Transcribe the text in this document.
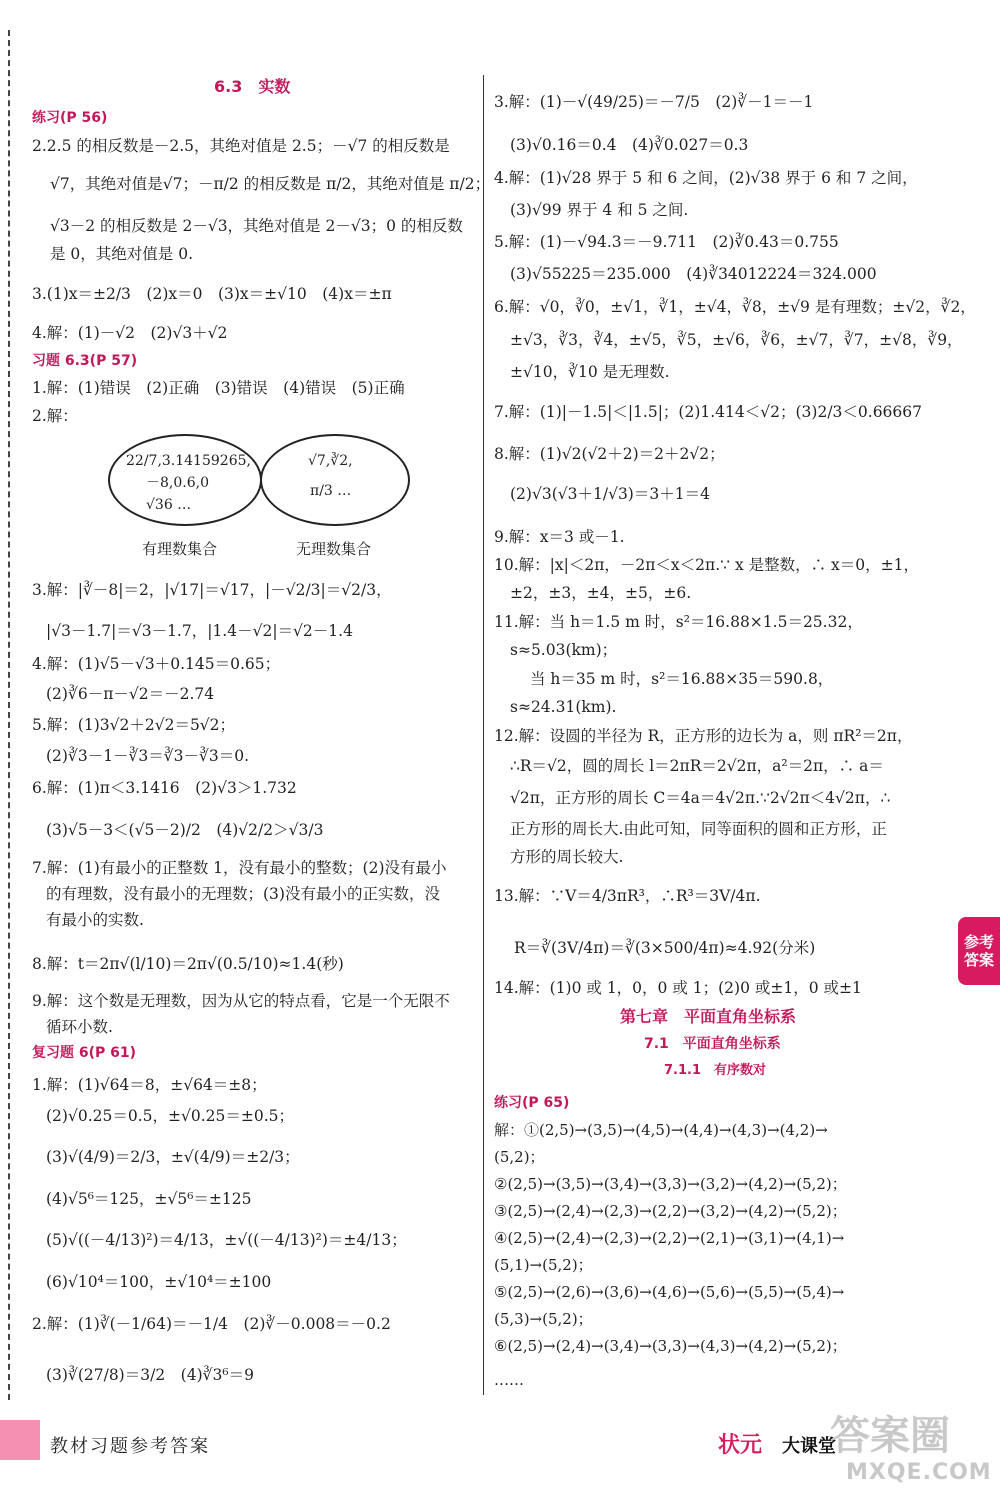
6.3　实数
练习(P 56)
2.2.5 的相反数是－2.5，其绝对值是 2.5；－√7 的相反数是
√7，其绝对值是√7；－π/2 的相反数是 π/2，其绝对值是 π/2；
√3－2 的相反数是 2－√3，其绝对值是 2－√3；0 的相反数
是 0，其绝对值是 0.
3.(1)x＝±2/3　(2)x＝0　(3)x＝±√10　(4)x＝±π
4.解：(1)－√2　(2)√3＋√2
习题 6.3(P 57)
1.解：(1)错误　(2)正确　(3)错误　(4)错误　(5)正确
2.解：
22/7,3.14159265,
－8,0.6,0
√36 …
√7,∛2,
π/3 …
有理数集合	无理数集合
3.解：|∛－8|＝2，|√17|＝√17，|－√2/3|＝√2/3，
|√3－1.7|＝√3－1.7，|1.4－√2|＝√2－1.4
4.解：(1)√5－√3＋0.145＝0.65；
(2)∛6－π－√2＝－2.74
5.解：(1)3√2＋2√2＝5√2；
(2)∛3－1－∛3＝∛3－∛3＝0.
6.解：(1)π＜3.1416　(2)√3＞1.732
(3)√5－3＜(√5－2)/2　(4)√2/2＞√3/3
7.解：(1)有最小的正整数 1，没有最小的整数；(2)没有最小
的有理数，没有最小的无理数；(3)没有最小的正实数，没
有最小的实数.
8.解：t＝2π√(l/10)＝2π√(0.5/10)≈1.4(秒)
9.解：这个数是无理数，因为从它的特点看，它是一个无限不
循环小数.
复习题 6(P 61)
1.解：(1)√64＝8，±√64＝±8；
(2)√0.25＝0.5，±√0.25＝±0.5；
(3)√(4/9)＝2/3，±√(4/9)＝±2/3；
(4)√5⁶＝125，±√5⁶＝±125
(5)√((－4/13)²)＝4/13，±√((－4/13)²)＝±4/13；
(6)√10⁴＝100，±√10⁴＝±100
2.解：(1)∛(－1/64)＝－1/4　(2)∛－0.008＝－0.2
(3)∛(27/8)＝3/2　(4)∛3⁶＝9
3.解：(1)－√(49/25)＝－7/5　(2)∛－1＝－1
(3)√0.16＝0.4　(4)∛0.027＝0.3
4.解：(1)√28 界于 5 和 6 之间，(2)√38 界于 6 和 7 之间，
(3)√99 界于 4 和 5 之间.
5.解：(1)－√94.3＝－9.711　(2)∛0.43＝0.755
(3)√55225＝235.000　(4)∛34012224＝324.000
6.解：√0，∛0，±√1，∛1，±√4，∛8，±√9 是有理数；±√2，∛2，
±√3，∛3，∛4，±√5，∛5，±√6，∛6，±√7，∛7，±√8，∛9，
±√10，∛10 是无理数.
7.解：(1)|－1.5|＜|1.5|；(2)1.414＜√2；(3)2/3＜0.66667
8.解：(1)√2(√2＋2)＝2＋2√2；
(2)√3(√3＋1/√3)＝3＋1＝4
9.解：x＝3 或－1.
10.解：|x|＜2π，－2π＜x＜2π.∵ x 是整数，∴ x＝0，±1，
±2，±3，±4，±5，±6.
11.解：当 h＝1.5 m 时，s²＝16.88×1.5＝25.32，
s≈5.03(km)；
当 h＝35 m 时，s²＝16.88×35＝590.8，
s≈24.31(km).
12.解：设圆的半径为 R，正方形的边长为 a，则 πR²＝2π，
∴R＝√2，圆的周长 l＝2πR＝2√2π，a²＝2π，∴ a＝
√2π，正方形的周长 C＝4a＝4√2π.∵2√2π＜4√2π，∴
正方形的周长大.由此可知，同等面积的圆和正方形，正
方形的周长较大.
13.解：∵V＝4/3πR³，∴R³＝3V/4π.
R＝∛(3V/4π)＝∛(3×500/4π)≈4.92(分米)
14.解：(1)0 或 1，0，0 或 1；(2)0 或±1，0 或±1
第七章　平面直角坐标系
7.1　平面直角坐标系
7.1.1　有序数对
练习(P 65)
解：①(2,5)→(3,5)→(4,5)→(4,4)→(4,3)→(4,2)→
(5,2)；
②(2,5)→(3,5)→(3,4)→(3,3)→(3,2)→(4,2)→(5,2)；
③(2,5)→(2,4)→(2,3)→(2,2)→(3,2)→(4,2)→(5,2)；
④(2,5)→(2,4)→(2,3)→(2,2)→(2,1)→(3,1)→(4,1)→
(5,1)→(5,2)；
⑤(2,5)→(2,6)→(3,6)→(4,6)→(5,6)→(5,5)→(5,4)→
(5,3)→(5,2)；
⑥(2,5)→(2,4)→(3,4)→(3,3)→(4,3)→(4,2)→(5,2)；
……
参考
答案
教材习题参考答案	状元 大课堂
答案圈
MXQE.COM
